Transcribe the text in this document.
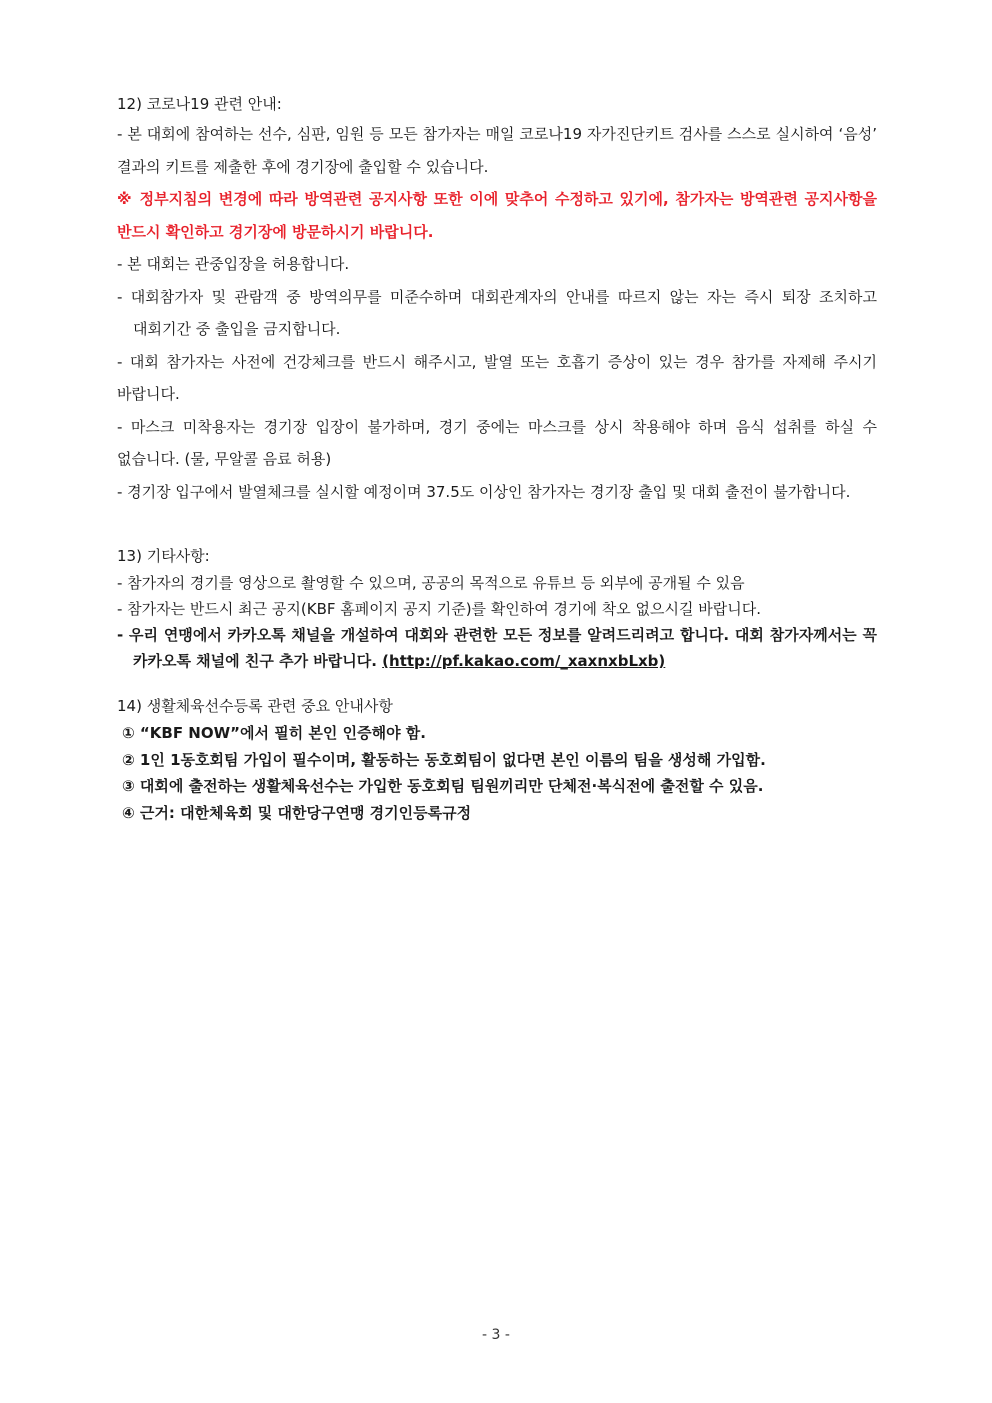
12) 코로나19 관련 안내:

- 본 대회에 참여하는 선수, 심판, 임원 등 모든 참가자는 매일 코로나19 자가진단키트 검사를 스스로 실시하여 ‘음성’ 결과의 키트를 제출한 후에 경기장에 출입할 수 있습니다.

※ 정부지침의 변경에 따라 방역관련 공지사항 또한 이에 맞추어 수정하고 있기에, 참가자는 방역관련 공지사항을 반드시 확인하고 경기장에 방문하시기 바랍니다.

- 본 대회는 관중입장을 허용합니다.

- 대회참가자 및 관람객 중 방역의무를 미준수하며 대회관계자의 안내를 따르지 않는 자는 즉시 퇴장 조치하고 대회기간 중 출입을 금지합니다.

- 대회 참가자는 사전에 건강체크를 반드시 해주시고, 발열 또는 호흡기 증상이 있는 경우 참가를 자제해 주시기 바랍니다.

- 마스크 미착용자는 경기장 입장이 불가하며, 경기 중에는 마스크를 상시 착용해야 하며 음식 섭취를 하실 수 없습니다. (물, 무알콜 음료 허용)

- 경기장 입구에서 발열체크를 실시할 예정이며 37.5도 이상인 참가자는 경기장 출입 및 대회 출전이 불가합니다.

13) 기타사항:

- 참가자의 경기를 영상으로 촬영할 수 있으며, 공공의 목적으로 유튜브 등 외부에 공개될 수 있음

- 참가자는 반드시 최근 공지(KBF 홈페이지 공지 기준)를 확인하여 경기에 착오 없으시길 바랍니다.

- 우리 연맹에서 카카오톡 채널을 개설하여 대회와 관련한 모든 정보를 알려드리려고 합니다. 대회 참가자께서는 꼭 카카오톡 채널에 친구 추가 바랍니다. (http://pf.kakao.com/_xaxnxbLxb)

14) 생활체육선수등록 관련 중요 안내사항

① “KBF NOW”에서 필히 본인 인증해야 함.

② 1인 1동호회팀 가입이 필수이며, 활동하는 동호회팀이 없다면 본인 이름의 팀을 생성해 가입함.

③ 대회에 출전하는 생활체육선수는 가입한 동호회팀 팀원끼리만 단체전·복식전에 출전할 수 있음.

④ 근거: 대한체육회 및 대한당구연맹 경기인등록규정

- 3 -
